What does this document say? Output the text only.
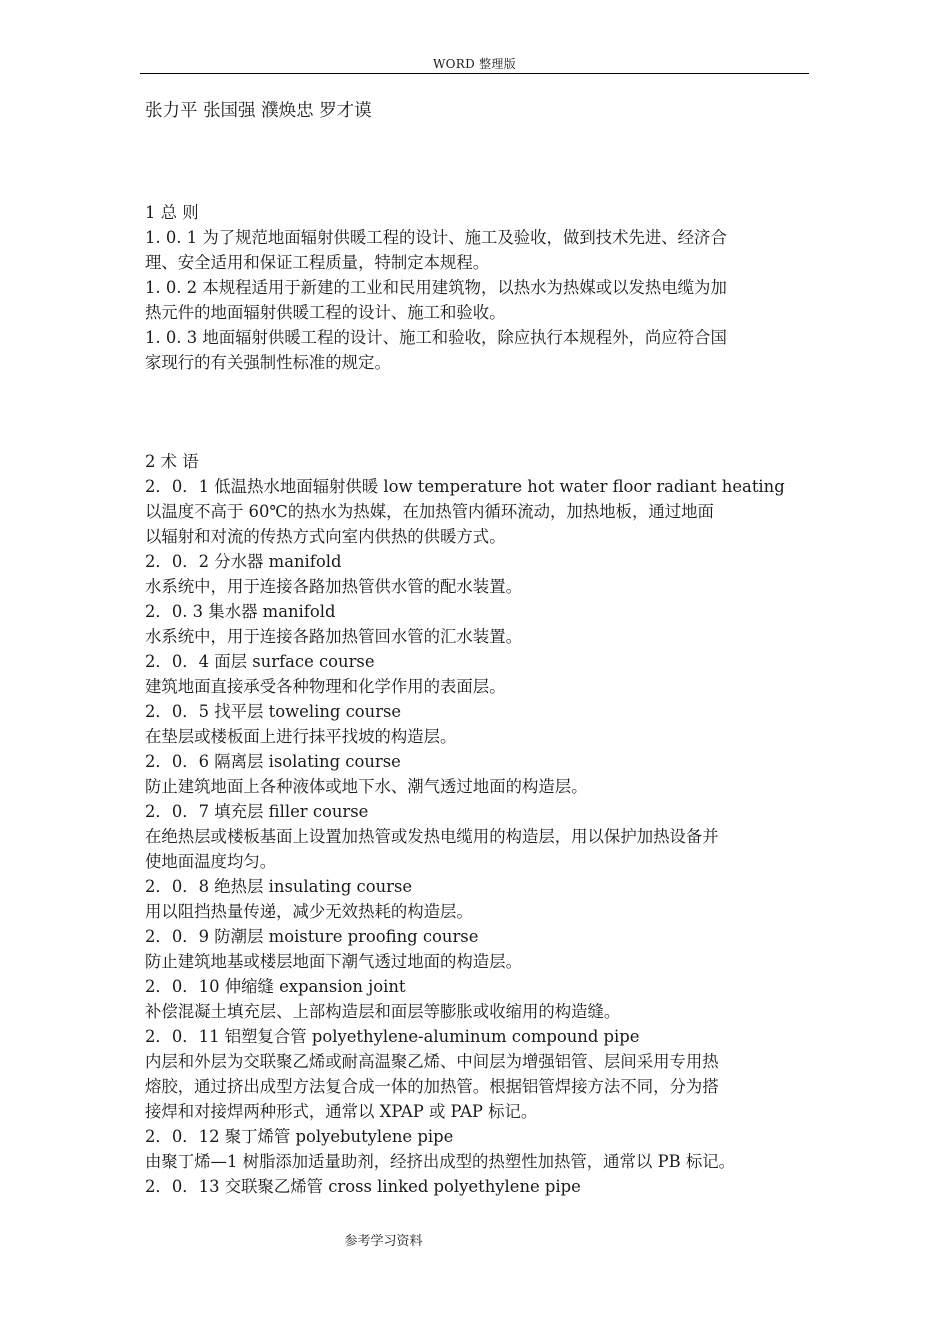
WORD 整理版
张力平 张国强 濮焕忠 罗才谟
1 总 则
1. 0. 1 为了规范地面辐射供暖工程的设计、施工及验收，做到技术先进、经济合
理、安全适用和保证工程质量，特制定本规程。
1. 0. 2 本规程适用于新建的工业和民用建筑物，以热水为热媒或以发热电缆为加
热元件的地面辐射供暖工程的设计、施工和验收。
1. 0. 3 地面辐射供暖工程的设计、施工和验收，除应执行本规程外，尚应符合国
家现行的有关强制性标准的规定。
2 术 语
2．0．1 低温热水地面辐射供暖 low temperature hot water floor radiant heating
以温度不高于 60℃的热水为热媒，在加热管内循环流动，加热地板，通过地面
以辐射和对流的传热方式向室内供热的供暖方式。
2．0．2 分水器 manifold
水系统中，用于连接各路加热管供水管的配水装置。
2．0. 3 集水器 manifold
水系统中，用于连接各路加热管回水管的汇水装置。
2．0．4 面层 surface course
建筑地面直接承受各种物理和化学作用的表面层。
2．0．5 找平层 toweling course
在垫层或楼板面上进行抹平找坡的构造层。
2．0．6 隔离层 isolating course
防止建筑地面上各种液体或地下水、潮气透过地面的构造层。
2．0．7 填充层 filler course
在绝热层或楼板基面上设置加热管或发热电缆用的构造层，用以保护加热设备并
使地面温度均匀。
2．0．8 绝热层 insulating course
用以阻挡热量传递，减少无效热耗的构造层。
2．0．9 防潮层 moisture proofing course
防止建筑地基或楼层地面下潮气透过地面的构造层。
2．0．10 伸缩缝 expansion joint
补偿混凝土填充层、上部构造层和面层等膨胀或收缩用的构造缝。
2．0．11 铝塑复合管 polyethylene-aluminum compound pipe
内层和外层为交联聚乙烯或耐高温聚乙烯、中间层为增强铝管、层间采用专用热
熔胶，通过挤出成型方法复合成一体的加热管。根据铝管焊接方法不同，分为搭
接焊和对接焊两种形式，通常以 XPAP 或 PAP 标记。
2．0．12 聚丁烯管 polyebutylene pipe
由聚丁烯—1 树脂添加适量助剂，经挤出成型的热塑性加热管，通常以 PB 标记。
2．0．13 交联聚乙烯管 cross linked polyethylene pipe
参考学习资料
